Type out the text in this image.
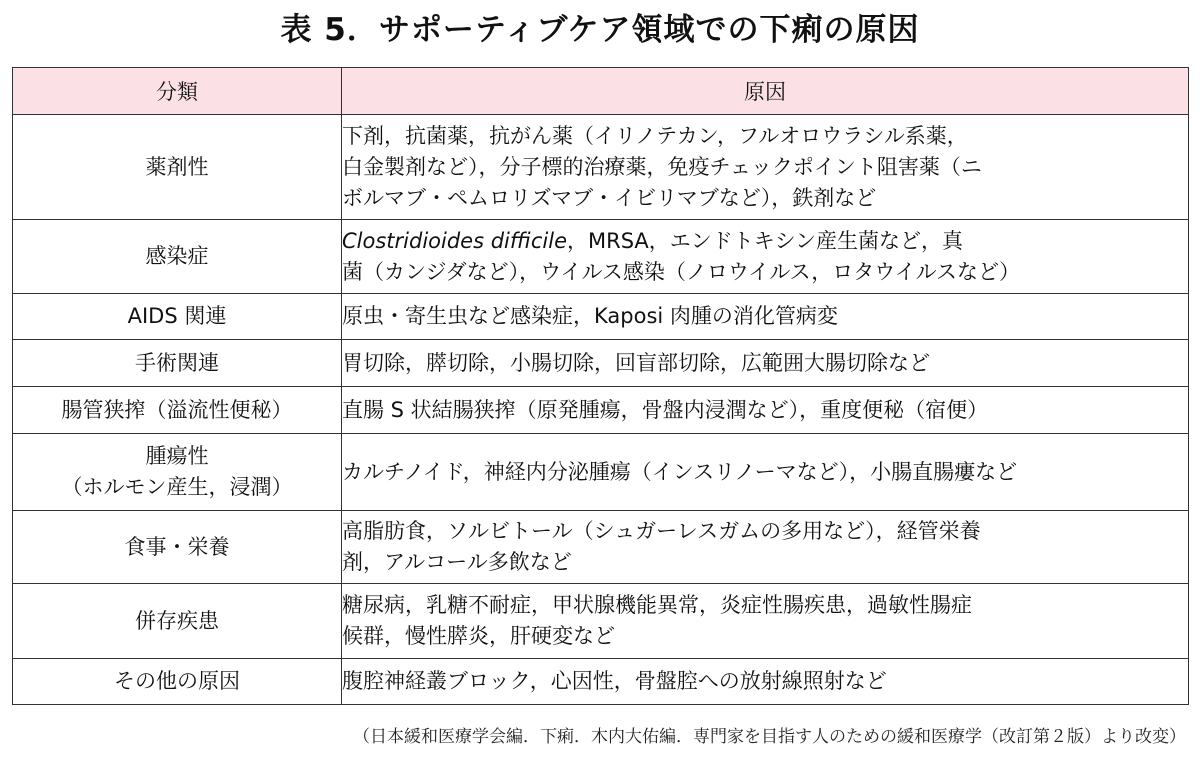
表 5．サポーティブケア領域での下痢の原因
分類	原因

薬剤性	下剤，抗菌薬，抗がん薬（イリノテカン，フルオロウラシル系薬，
白金製剤など），分子標的治療薬，免疫チェックポイント阻害薬（ニ
ボルマブ・ペムロリズマブ・イビリマブなど），鉄剤など

感染症	Clostridioides difficile，MRSA，エンドトキシン産生菌など，真
菌（カンジダなど），ウイルス感染（ノロウイルス，ロタウイルスなど）

AIDS 関連	原虫・寄生虫など感染症，Kaposi 肉腫の消化管病変

手術関連	胃切除，膵切除，小腸切除，回盲部切除，広範囲大腸切除など

腸管狭搾（溢流性便秘）	直腸 S 状結腸狭搾（原発腫瘍，骨盤内浸潤など），重度便秘（宿便）

腫瘍性
（ホルモン産生，浸潤）	カルチノイド，神経内分泌腫瘍（インスリノーマなど），小腸直腸瘻など

食事・栄養	高脂肪食，ソルビトール（シュガーレスガムの多用など），経管栄養
剤，アルコール多飲など

併存疾患	糖尿病，乳糖不耐症，甲状腺機能異常，炎症性腸疾患，過敏性腸症
候群，慢性膵炎，肝硬変など

その他の原因	腹腔神経叢ブロック，心因性，骨盤腔への放射線照射など
（日本緩和医療学会編．下痢．木内大佑編．専門家を目指す人のための緩和医療学（改訂第２版）より改変）
